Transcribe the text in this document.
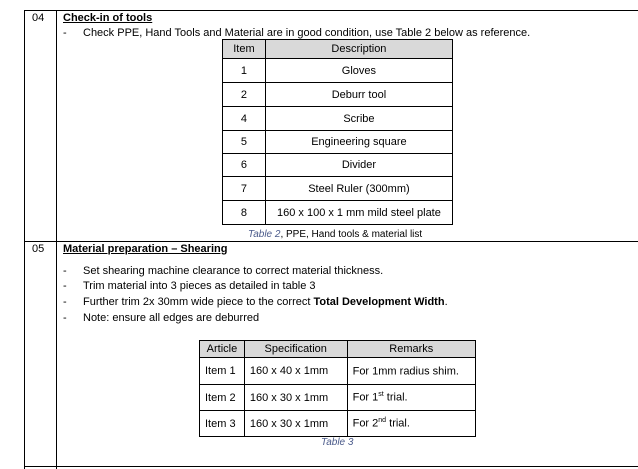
04 Check-in of tools
- Check PPE, Hand Tools and Material are in good condition, use Table 2 below as reference.
Item	Description
1	Gloves
2	Deburr tool
4	Scribe
5	Engineering square
6	Divider
7	Steel Ruler (300mm)
8	160 x 100 x 1 mm mild steel plate
Table 2, PPE, Hand tools & material list
05 Material preparation – Shearing
- Set shearing machine clearance to correct material thickness.
- Trim material into 3 pieces as detailed in table 3
- Further trim 2x 30mm wide piece to the correct Total Development Width.
- Note: ensure all edges are deburred
Article	Specification	Remarks
Item 1	160 x 40 x 1mm	For 1mm radius shim.
Item 2	160 x 30 x 1mm	For 1st trial.
Item 3	160 x 30 x 1mm	For 2nd trial.
Table 3
